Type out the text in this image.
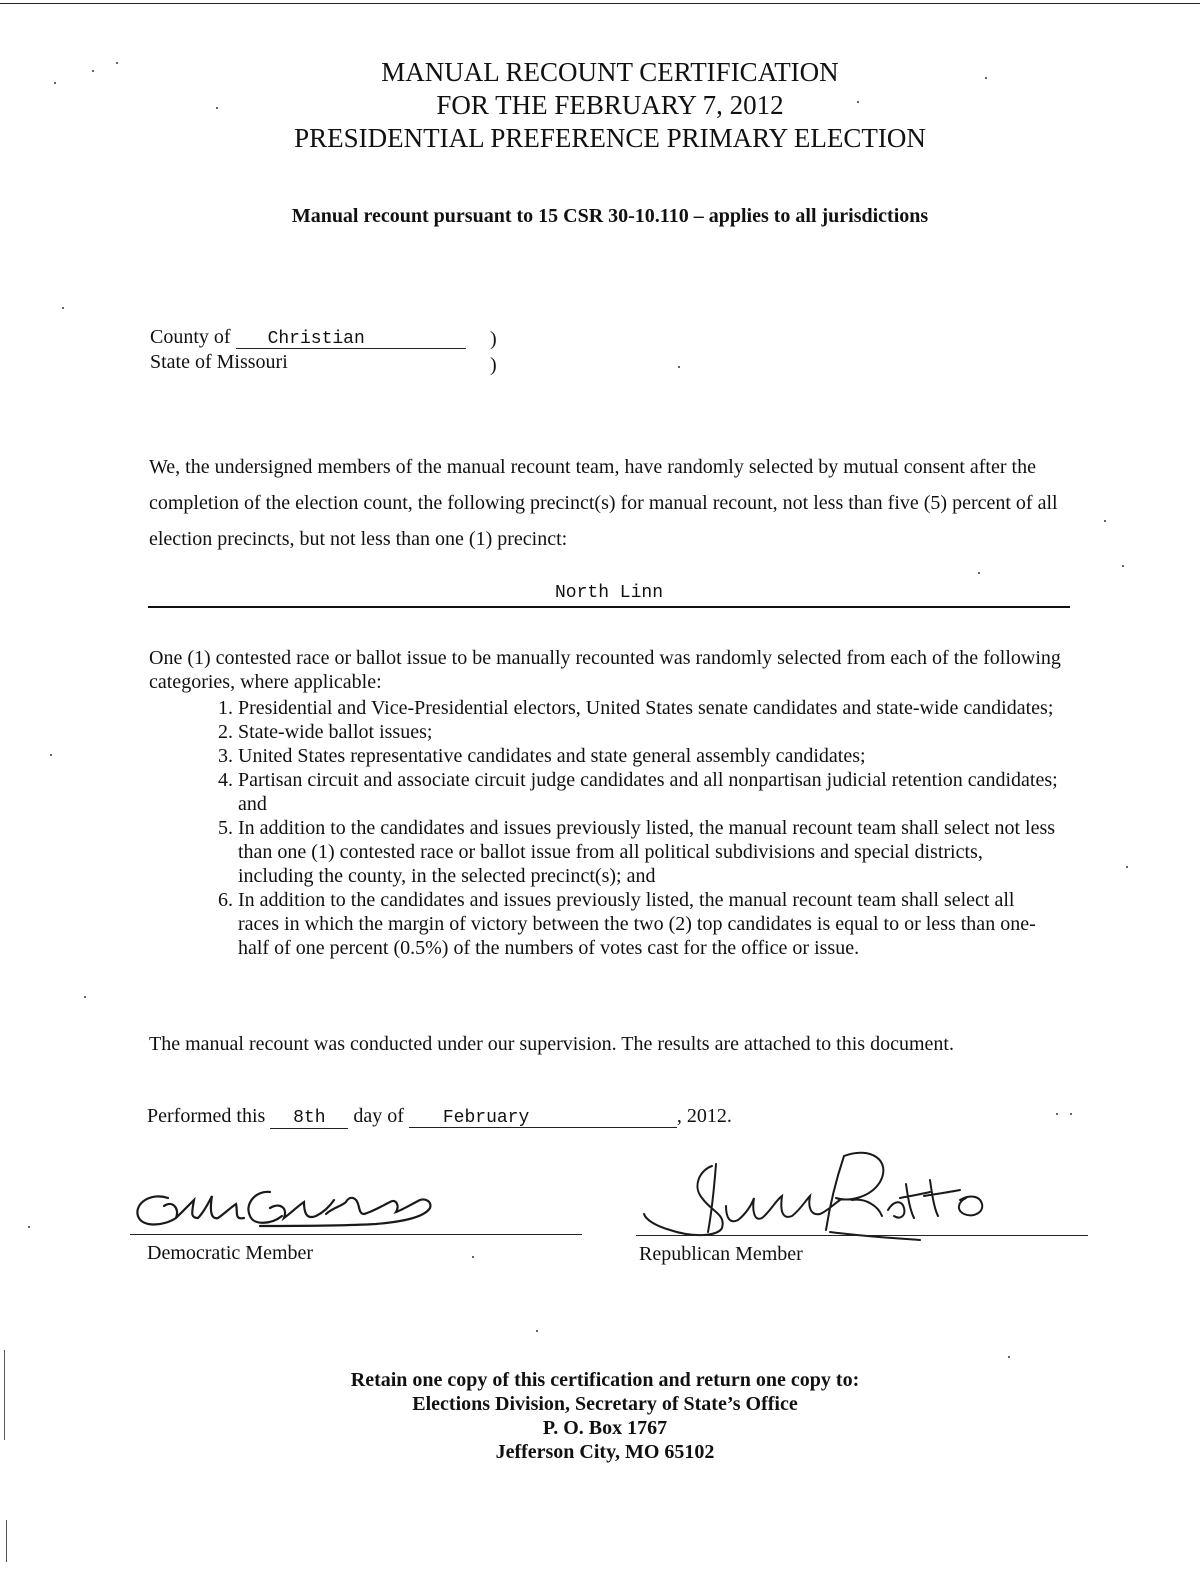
MANUAL RECOUNT CERTIFICATION
FOR THE FEBRUARY 7, 2012
PRESIDENTIAL PREFERENCE PRIMARY ELECTION
Manual recount pursuant to 15 CSR 30-10.110 – applies to all jurisdictions
County of Christian	)
State of Missouri	)
We, the undersigned members of the manual recount team, have randomly selected by mutual consent after the completion of the election count, the following precinct(s) for manual recount, not less than five (5) percent of all election precincts, but not less than one (1) precinct:
North Linn
One (1) contested race or ballot issue to be manually recounted was randomly selected from each of the following categories, where applicable:
1. Presidential and Vice-Presidential electors, United States senate candidates and state-wide candidates;
2. State-wide ballot issues;
3. United States representative candidates and state general assembly candidates;
4. Partisan circuit and associate circuit judge candidates and all nonpartisan judicial retention candidates; and
5. In addition to the candidates and issues previously listed, the manual recount team shall select not less than one (1) contested race or ballot issue from all political subdivisions and special districts, including the county, in the selected precinct(s); and
6. In addition to the candidates and issues previously listed, the manual recount team shall select all races in which the margin of victory between the two (2) top candidates is equal to or less than one-half of one percent (0.5%) of the numbers of votes cast for the office or issue.
The manual recount was conducted under our supervision. The results are attached to this document.
Performed this 8th day of February	, 2012.
Democratic Member	Republican Member
Retain one copy of this certification and return one copy to:
Elections Division, Secretary of State’s Office
P. O. Box 1767
Jefferson City, MO 65102
